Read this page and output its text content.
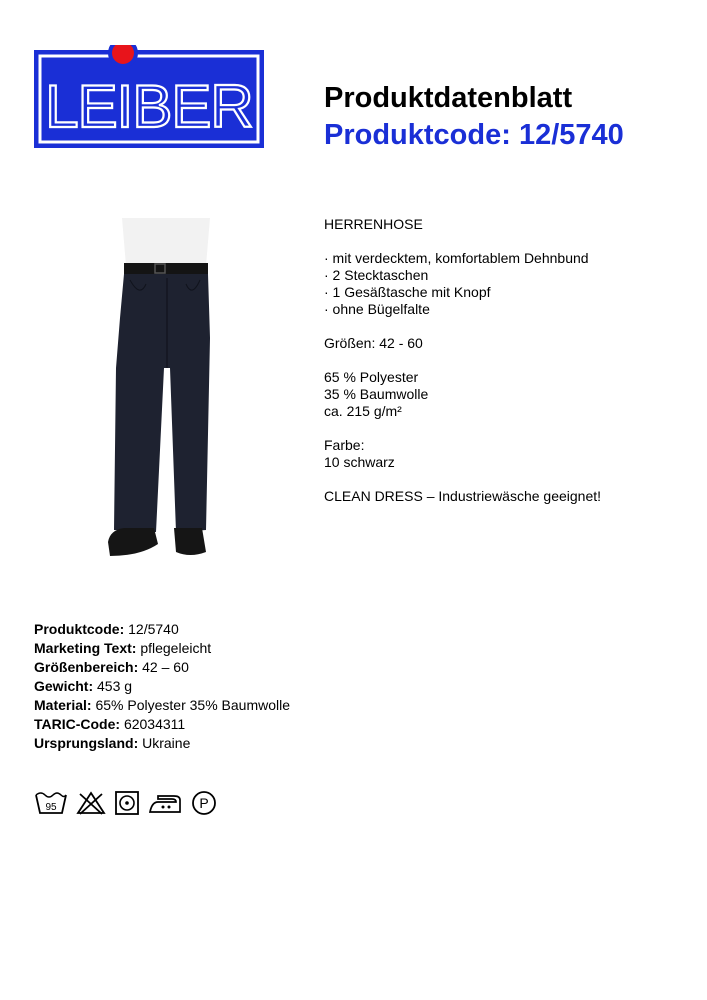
LEIBER Produktdatenblatt
Produktcode: 12/5740
HERRENHOSE
· mit verdecktem, komfortablem Dehnbund
· 2 Stecktaschen
· 1 Gesäßtasche mit Knopf
· ohne Bügelfalte
Größen: 42 - 60
65 % Polyester
35 % Baumwolle
ca. 215 g/m²
Farbe:
10 schwarz
CLEAN DRESS – Industriewäsche geeignet!
Produktcode: 12/5740
Marketing Text: pflegeleicht
Größenbereich: 42 – 60
Gewicht: 453 g
Material: 65% Polyester 35% Baumwolle
TARIC-Code: 62034311
Ursprungsland: Ukraine
95	P
